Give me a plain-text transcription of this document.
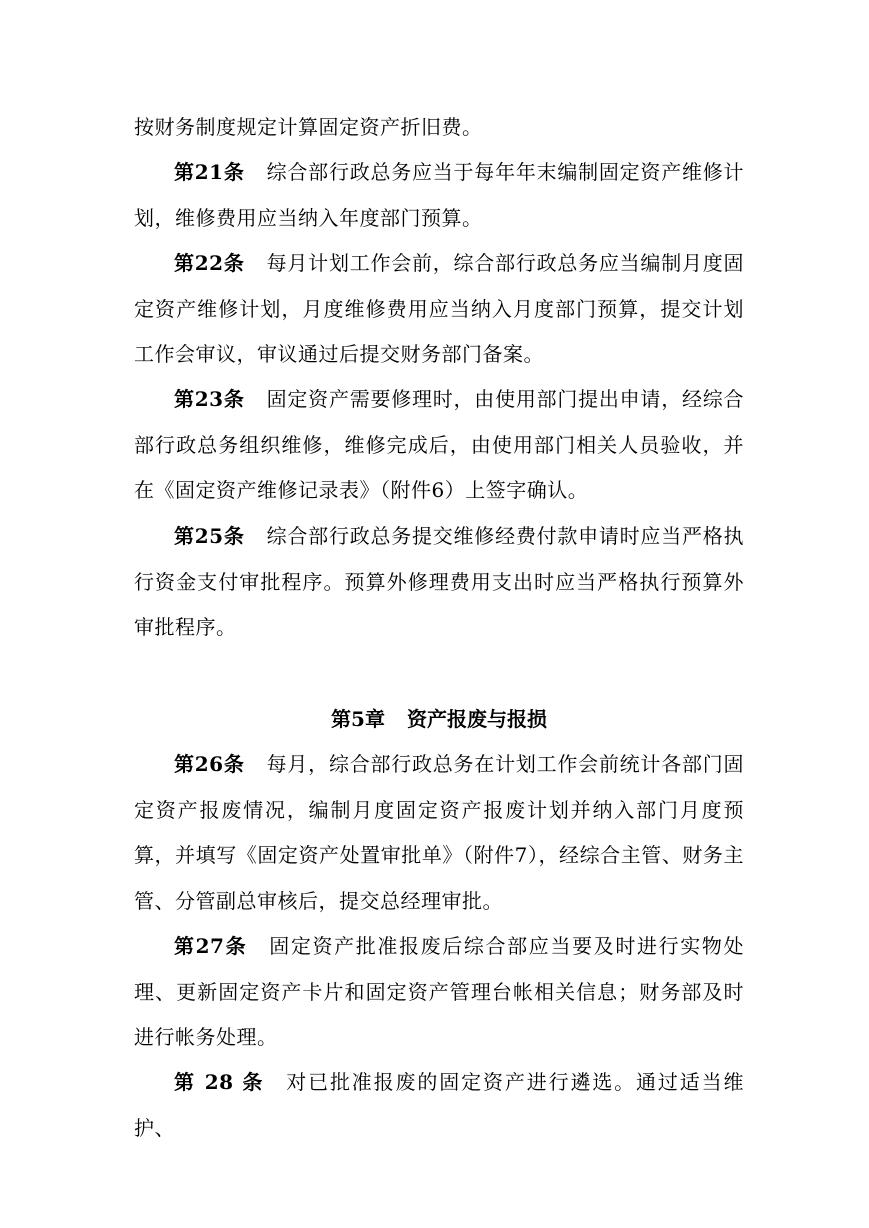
按财务制度规定计算固定资产折旧费。

第21条 综合部行政总务应当于每年年末编制固定资产维修计划，维修费用应当纳入年度部门预算。

第22条 每月计划工作会前，综合部行政总务应当编制月度固定资产维修计划，月度维修费用应当纳入月度部门预算，提交计划工作会审议，审议通过后提交财务部门备案。

第23条 固定资产需要修理时，由使用部门提出申请，经综合部行政总务组织维修，维修完成后，由使用部门相关人员验收，并在《固定资产维修记录表》（附件6）上签字确认。

第25条 综合部行政总务提交维修经费付款申请时应当严格执行资金支付审批程序。预算外修理费用支出时应当严格执行预算外审批程序。

第5章 资产报废与报损

第26条 每月，综合部行政总务在计划工作会前统计各部门固定资产报废情况，编制月度固定资产报废计划并纳入部门月度预算，并填写《固定资产处置审批单》（附件7），经综合主管、财务主管、分管副总审核后，提交总经理审批。

第27条 固定资产批准报废后综合部应当要及时进行实物处理、更新固定资产卡片和固定资产管理台帐相关信息；财务部及时进行帐务处理。

第 28 条 对已批准报废的固定资产进行遴选。通过适当维护、
